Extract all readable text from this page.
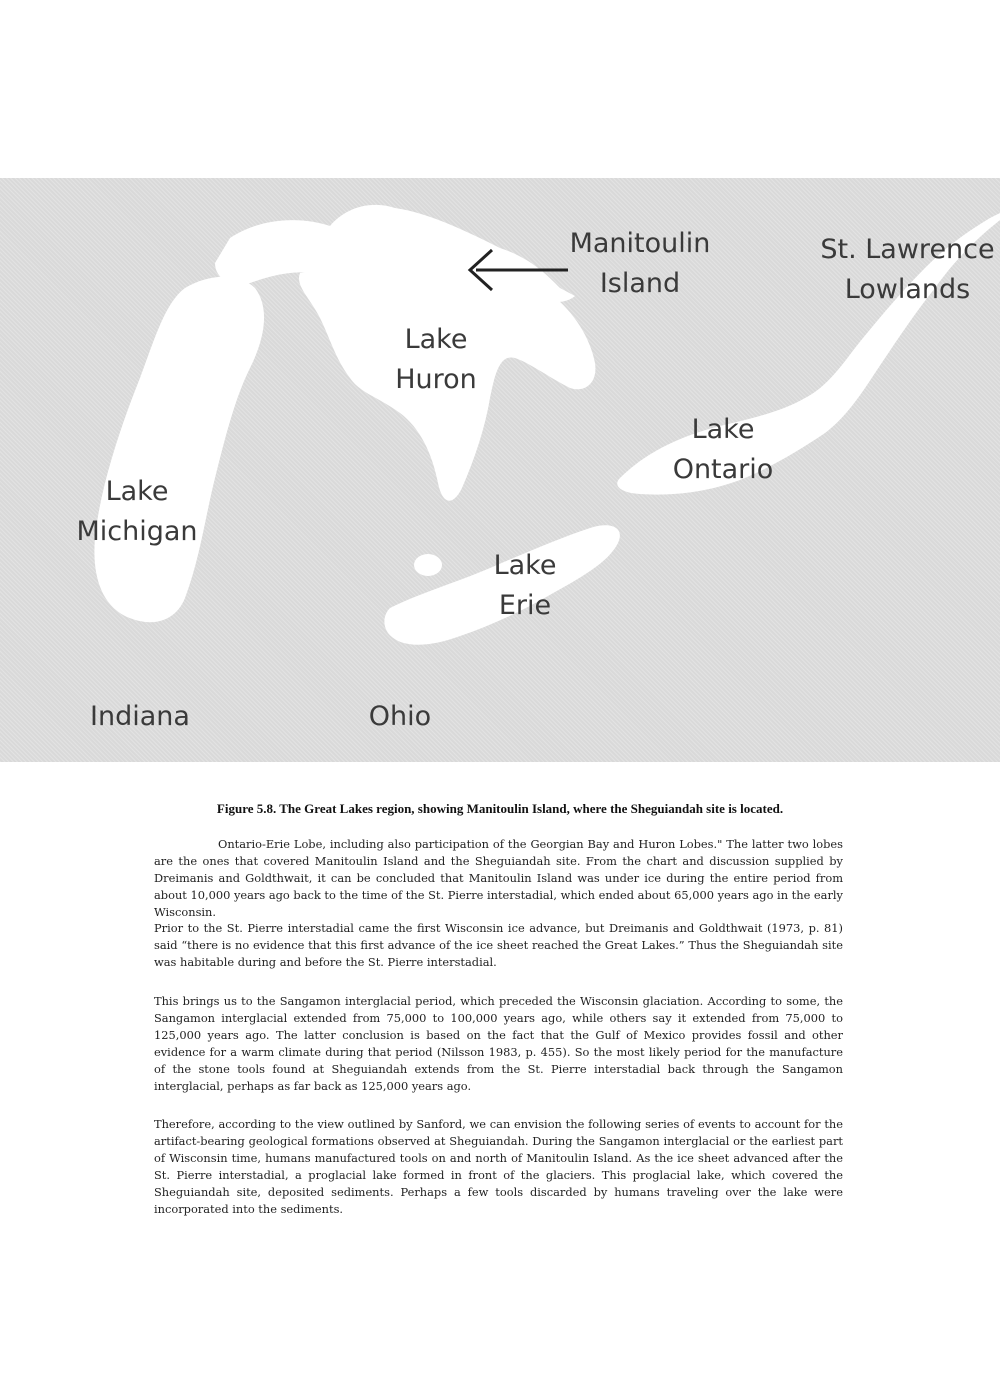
Manitoulin
Island
St. Lawrence
Lowlands
Lake
Huron
Lake
Ontario
Lake
Michigan
Lake
Erie
Indiana	Ohio
Figure 5.8. The Great Lakes region, showing Manitoulin Island, where the Sheguiandah site is located.
Ontario-Erie Lobe, including also participation of the Georgian Bay and Huron Lobes." The latter two lobes are the ones that covered Manitoulin Island and the Sheguiandah site. From the chart and discussion supplied by Dreimanis and Goldthwait, it can be concluded that Manitoulin Island was under ice during the entire period from about 10,000 years ago back to the time of the St. Pierre interstadial, which ended about 65,000 years ago in the early Wisconsin.
Prior to the St. Pierre interstadial came the first Wisconsin ice advance, but Dreimanis and Goldthwait (1973, p. 81) said “there is no evidence that this first advance of the ice sheet reached the Great Lakes.” Thus the Sheguiandah site was habitable during and before the St. Pierre interstadial.
This brings us to the Sangamon interglacial period, which preceded the Wisconsin glaciation. According to some, the Sangamon interglacial extended from 75,000 to 100,000 years ago, while others say it extended from 75,000 to 125,000 years ago. The latter conclusion is based on the fact that the Gulf of Mexico provides fossil and other evidence for a warm climate during that period (Nilsson 1983, p. 455). So the most likely period for the manufacture of the stone tools found at Sheguiandah extends from the St. Pierre interstadial back through the Sangamon interglacial, perhaps as far back as 125,000 years ago.
Therefore, according to the view outlined by Sanford, we can envision the following series of events to account for the artifact-bearing geological formations observed at Sheguiandah. During the Sangamon interglacial or the earliest part of Wisconsin time, humans manufactured tools on and north of Manitoulin Island. As the ice sheet advanced after the St. Pierre interstadial, a proglacial lake formed in front of the glaciers. This proglacial lake, which covered the Sheguiandah site, deposited sediments. Perhaps a few tools discarded by humans traveling over the lake were incorporated into the sediments.
